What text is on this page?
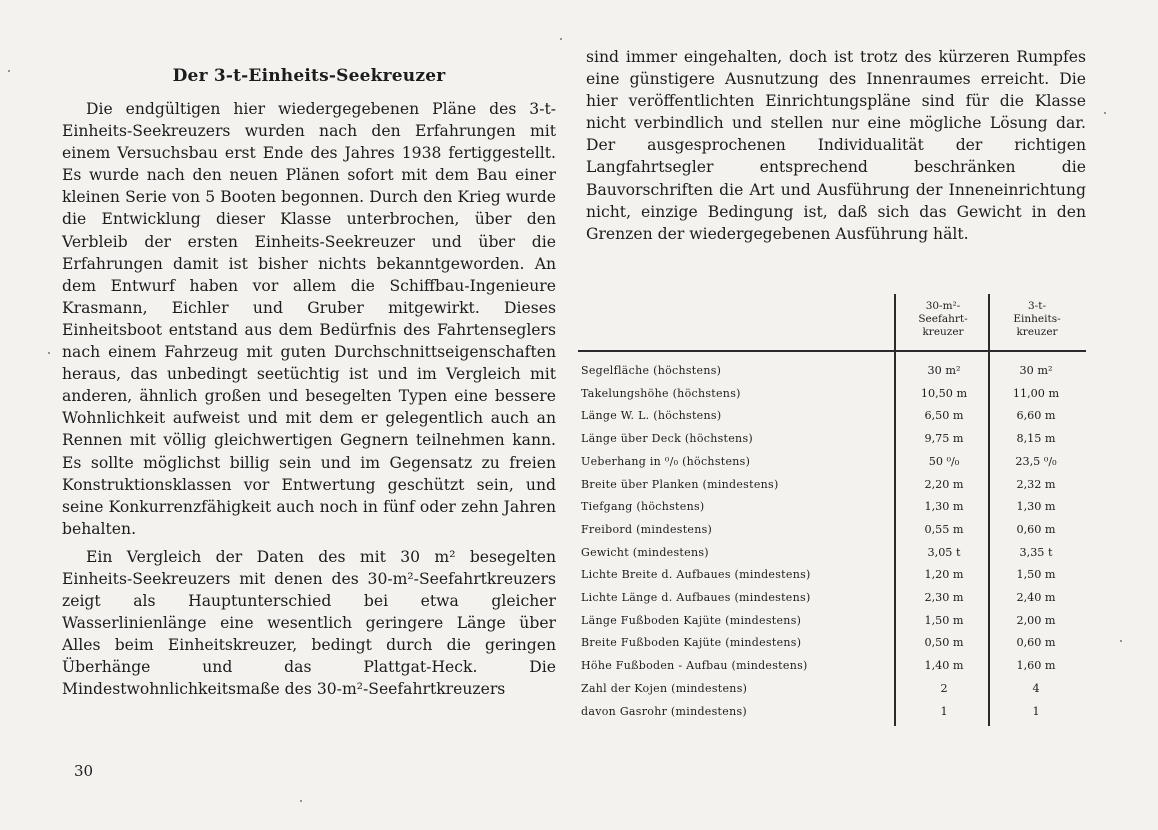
Der 3-t-Einheits-Seekreuzer

Die endgültigen hier wiedergegebenen Pläne des 3-t-Einheits-Seekreuzers wurden nach den Erfahrungen mit einem Versuchsbau erst Ende des Jahres 1938 fertiggestellt. Es wurde nach den neuen Plänen sofort mit dem Bau einer kleinen Serie von 5 Booten begonnen. Durch den Krieg wurde die Entwicklung dieser Klasse unterbrochen, über den Verbleib der ersten Einheits-Seekreuzer und über die Erfahrungen damit ist bisher nichts bekanntgeworden. An dem Entwurf haben vor allem die Schiffbau-Ingenieure Krasmann, Eichler und Gruber mitgewirkt. Dieses Einheitsboot entstand aus dem Bedürfnis des Fahrtenseglers nach einem Fahrzeug mit guten Durchschnittseigenschaften heraus, das unbedingt seetüchtig ist und im Vergleich mit anderen, ähnlich großen und besegelten Typen eine bessere Wohnlichkeit aufweist und mit dem er gelegentlich auch an Rennen mit völlig gleichwertigen Gegnern teilnehmen kann. Es sollte möglichst billig sein und im Gegensatz zu freien Konstruktionsklassen vor Entwertung geschützt sein, und seine Konkurrenzfähigkeit auch noch in fünf oder zehn Jahren behalten.

Ein Vergleich der Daten des mit 30 m² besegelten Einheits-Seekreuzers mit denen des 30-m²-Seefahrtkreuzers zeigt als Hauptunterschied bei etwa gleicher Wasserlinienlänge eine wesentlich geringere Länge über Alles beim Einheitskreuzer, bedingt durch die geringen Überhänge und das Plattgat-Heck. Die Mindestwohnlichkeitsmaße des 30-m²-Seefahrtkreuzers

30

sind immer eingehalten, doch ist trotz des kürzeren Rumpfes eine günstigere Ausnutzung des Innenraumes erreicht. Die hier veröffentlichten Einrichtungspläne sind für die Klasse nicht verbindlich und stellen nur eine mögliche Lösung dar. Der ausgesprochenen Individualität der richtigen Langfahrtsegler entsprechend beschränken die Bauvorschriften die Art und Ausführung der Inneneinrichtung nicht, einzige Bedingung ist, daß sich das Gewicht in den Grenzen der wiedergegebenen Ausführung hält.

30-m²-
Seefahrt-
kreuzer
3-t-
Einheits-
kreuzer
Segelfläche (höchstens)	30 m²	30 m²
Takelungshöhe (höchstens)	10,50 m	11,00 m
Länge W. L. (höchstens)	6,50 m	6,60 m
Länge über Deck (höchstens)	9,75 m	8,15 m
Ueberhang in ⁰/₀ (höchstens)	50 ⁰/₀	23,5 ⁰/₀
Breite über Planken (mindestens)	2,20 m	2,32 m
Tiefgang (höchstens)	1,30 m	1,30 m
Freibord (mindestens)	0,55 m	0,60 m
Gewicht (mindestens)	3,05 t	3,35 t
Lichte Breite d. Aufbaues (mindestens)	1,20 m	1,50 m
Lichte Länge d. Aufbaues (mindestens)	2,30 m	2,40 m
Länge Fußboden Kajüte (mindestens)	1,50 m	2,00 m
Breite Fußboden Kajüte (mindestens)	0,50 m	0,60 m
Höhe Fußboden - Aufbau (mindestens)	1,40 m	1,60 m
Zahl der Kojen (mindestens)	2	4
davon Gasrohr (mindestens)	1	1
